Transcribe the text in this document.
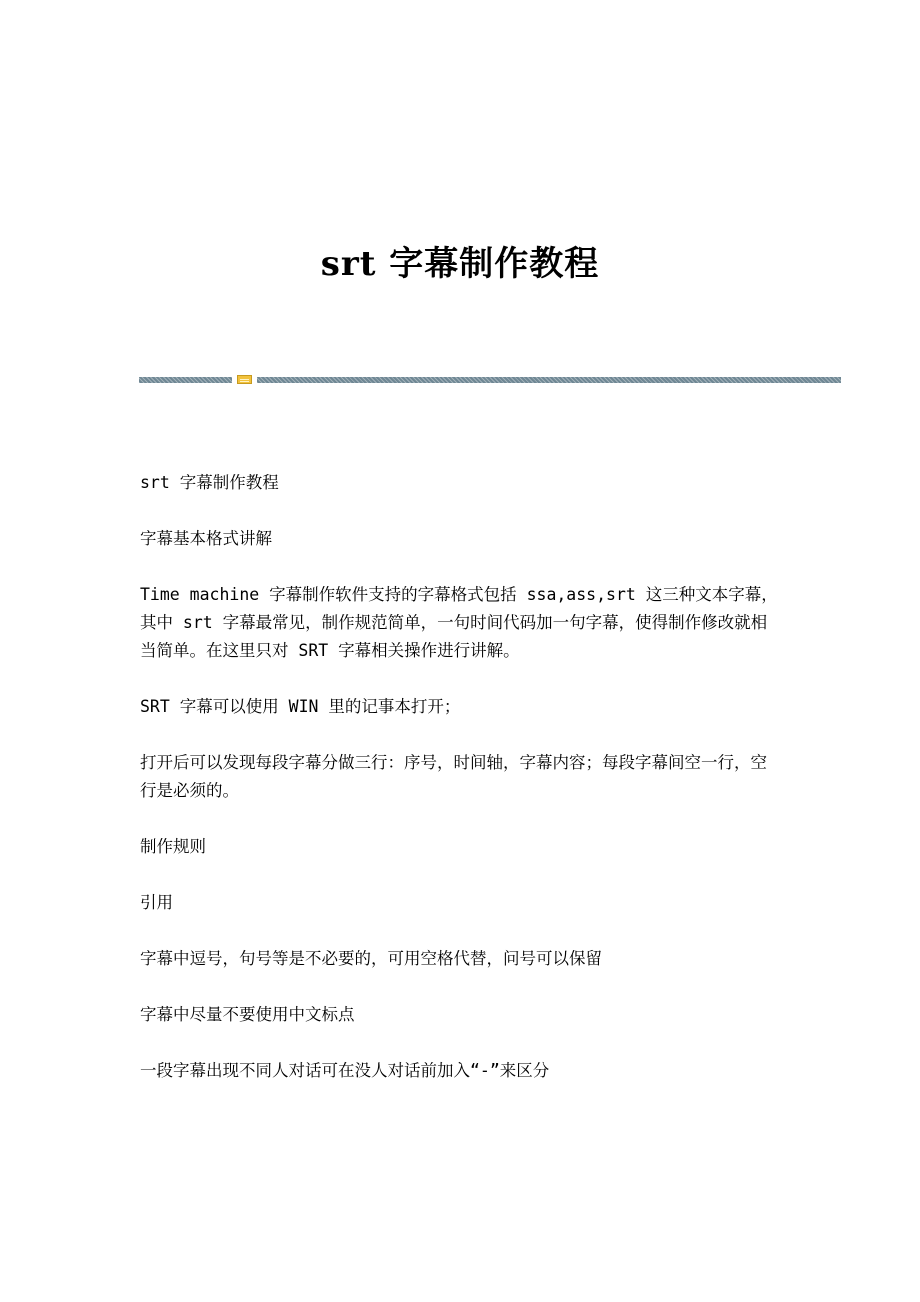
srt 字幕制作教程

srt 字幕制作教程

字幕基本格式讲解

Time machine 字幕制作软件支持的字幕格式包括 ssa,ass,srt 这三种文本字幕，其中 srt 字幕最常见，制作规范简单，一句时间代码加一句字幕，使得制作修改就相当简单。在这里只对 SRT 字幕相关操作进行讲解。

SRT 字幕可以使用 WIN 里的记事本打开；

打开后可以发现每段字幕分做三行：序号，时间轴，字幕内容；每段字幕间空一行，空行是必须的。

制作规则

引用

字幕中逗号，句号等是不必要的，可用空格代替，问号可以保留

字幕中尽量不要使用中文标点

一段字幕出现不同人对话可在没人对话前加入“-”来区分
